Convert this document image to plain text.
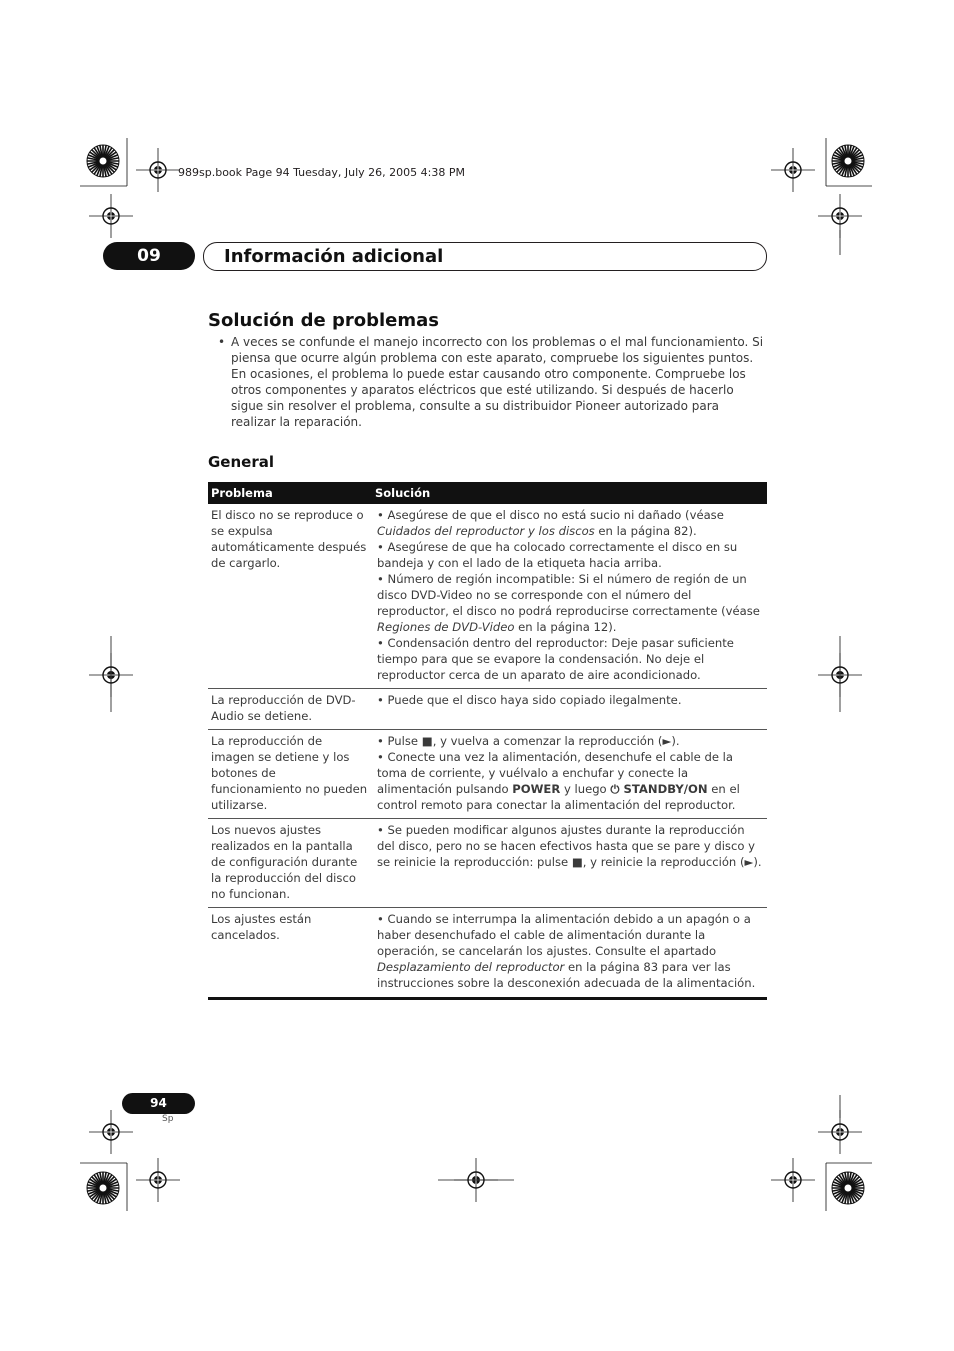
989sp.book Page 94 Tuesday, July 26, 2005 4:38 PM
09	Información adicional
Solución de problemas
• A veces se confunde el manejo incorrecto con los problemas o el mal funcionamiento. Si piensa que ocurre algún problema con este aparato, compruebe los siguientes puntos. En ocasiones, el problema lo puede estar causando otro componente. Compruebe los otros componentes y aparatos eléctricos que esté utilizando. Si después de hacerlo sigue sin resolver el problema, consulte a su distribuidor Pioneer autorizado para realizar la reparación.

General
Problema	Solución
El disco no se reproduce o se expulsa automáticamente después de cargarlo.	• Asegúrese de que el disco no está sucio ni dañado (véase Cuidados del reproductor y los discos en la página 82).
• Asegúrese de que ha colocado correctamente el disco en su bandeja y con el lado de la etiqueta hacia arriba.
• Número de región incompatible: Si el número de región de un disco DVD-Video no se corresponde con el número del reproductor, el disco no podrá reproducirse correctamente (véase Regiones de DVD-Video en la página 12).
• Condensación dentro del reproductor: Deje pasar suficiente tiempo para que se evapore la condensación. No deje el reproductor cerca de un aparato de aire acondicionado.

La reproducción de DVD-Audio se detiene.	• Puede que el disco haya sido copiado ilegalmente.

La reproducción de imagen se detiene y los botones de funcionamiento no pueden utilizarse.	• Pulse ■, y vuelva a comenzar la reproducción (►).
• Conecte una vez la alimentación, desenchufe el cable de la toma de corriente, y vuélvalo a enchufar y conecte la alimentación pulsando POWER y luego ⏻ STANDBY/ON en el control remoto para conectar la alimentación del reproductor.

Los nuevos ajustes realizados en la pantalla de configuración durante la reproducción del disco no funcionan.	• Se pueden modificar algunos ajustes durante la reproducción del disco, pero no se hacen efectivos hasta que se pare y disco y se reinicie la reproducción: pulse ■, y reinicie la reproducción (►).

Los ajustes están cancelados.	• Cuando se interrumpa la alimentación debido a un apagón o a haber desenchufado el cable de alimentación durante la operación, se cancelarán los ajustes. Consulte el apartado Desplazamiento del reproductor en la página 83 para ver las instrucciones sobre la desconexión adecuada de la alimentación.
94
Sp
